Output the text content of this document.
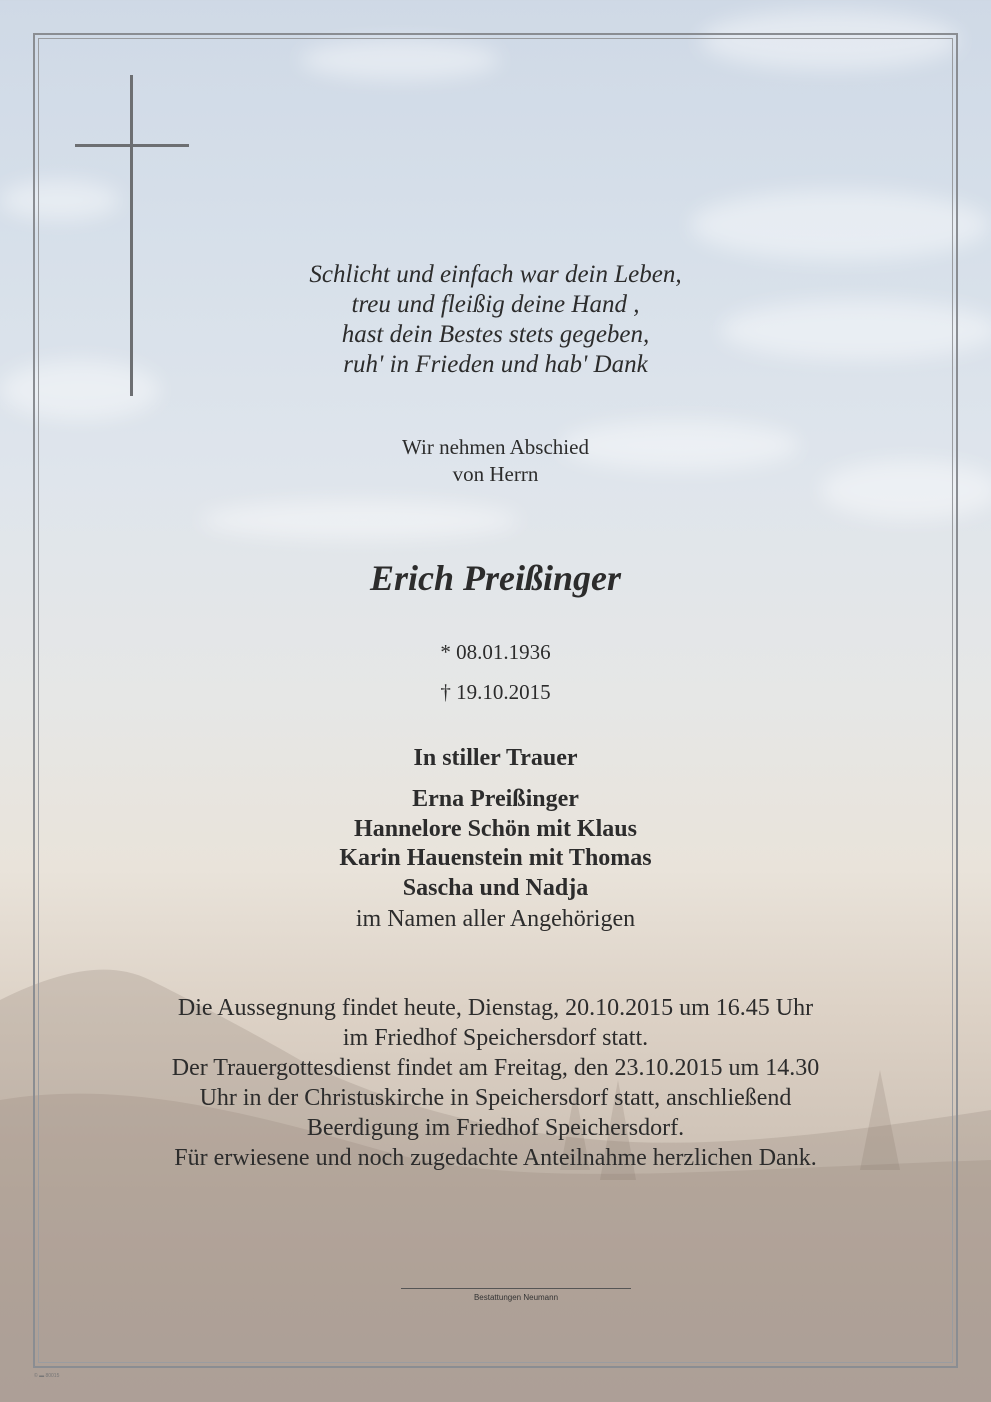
Schlicht und einfach war dein Leben,
treu und fleißig deine Hand ,
hast dein Bestes stets gegeben,
ruh' in Frieden und hab' Dank
Wir nehmen Abschied
von Herrn
Erich Preißinger
* 08.01.1936
† 19.10.2015
In stiller Trauer
Erna Preißinger
Hannelore Schön mit Klaus
Karin Hauenstein mit Thomas
Sascha und Nadja
im Namen aller Angehörigen
Die Aussegnung findet heute, Dienstag, 20.10.2015 um 16.45 Uhr
im Friedhof Speichersdorf statt.
Der Trauergottesdienst findet am Freitag, den 23.10.2015 um 14.30
Uhr in der Christuskirche in Speichersdorf statt, anschließend
Beerdigung im Friedhof Speichersdorf.
Für erwiesene und noch zugedachte Anteilnahme herzlichen Dank.
Bestattungen Neumann
© ▬ 80015
